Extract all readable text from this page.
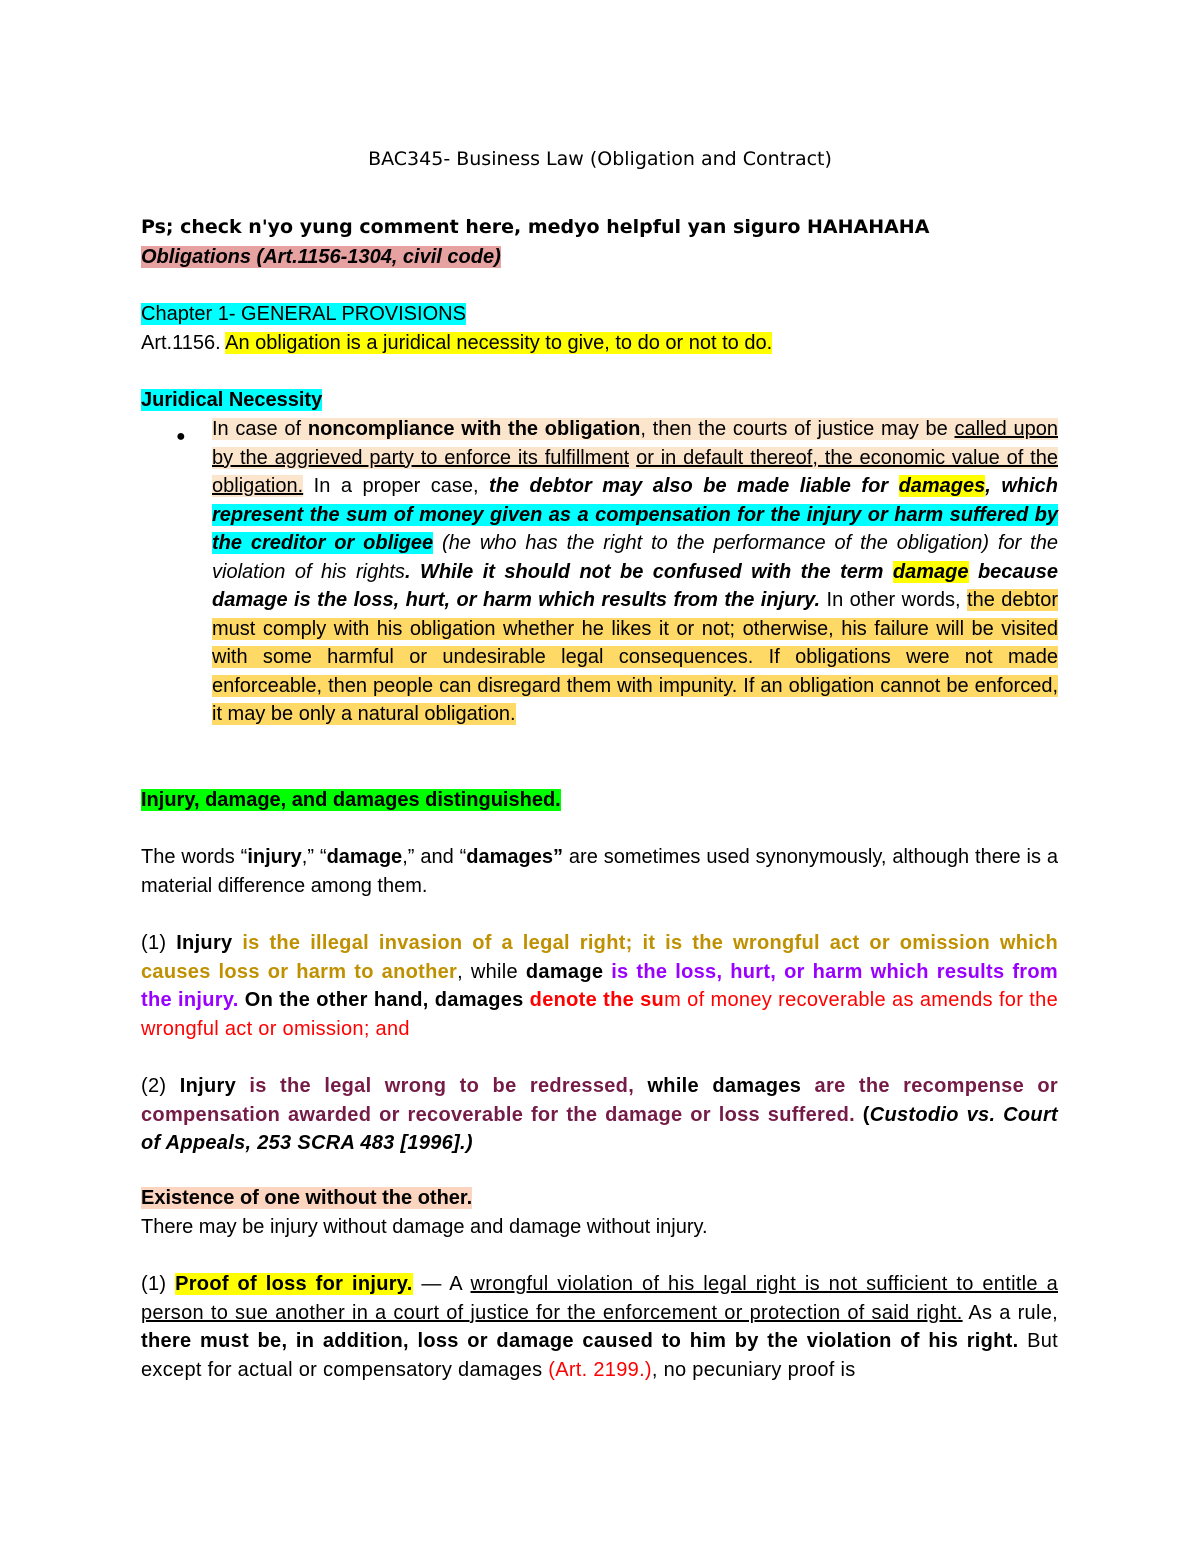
BAC345- Business Law (Obligation and Contract)
Ps; check n'yo yung comment here, medyo helpful yan siguro HAHAHAHA
Obligations (Art.1156-1304, civil code)
Chapter 1- GENERAL PROVISIONS
Art.1156. An obligation is a juridical necessity to give, to do or not to do.
Juridical Necessity
● In case of noncompliance with the obligation, then the courts of justice may be called upon by the aggrieved party to enforce its fulfillment or in default thereof, the economic value of the obligation. In a proper case, the debtor may also be made liable for damages, which represent the sum of money given as a compensation for the injury or harm suffered by the creditor or obligee (he who has the right to the performance of the obligation) for the violation of his rights. While it should not be confused with the term damage because damage is the loss, hurt, or harm which results from the injury. In other words, the debtor must comply with his obligation whether he likes it or not; otherwise, his failure will be visited with some harmful or undesirable legal consequences. If obligations were not made enforceable, then people can disregard them with impunity. If an obligation cannot be enforced, it may be only a natural obligation.
Injury, damage, and damages distinguished.
The words “injury,” “damage,” and “damages” are sometimes used synonymously, although there is a material difference among them.
(1) Injury is the illegal invasion of a legal right; it is the wrongful act or omission which causes loss or harm to another, while damage is the loss, hurt, or harm which results from the injury. On the other hand, damages denote the sum of money recoverable as amends for the wrongful act or omission; and
(2) Injury is the legal wrong to be redressed, while damages are the recompense or compensation awarded or recoverable for the damage or loss suffered. (Custodio vs. Court of Appeals, 253 SCRA 483 [1996].)
Existence of one without the other.
There may be injury without damage and damage without injury.
(1) Proof of loss for injury. — A wrongful violation of his legal right is not sufficient to entitle a person to sue another in a court of justice for the enforcement or protection of said right. As a rule, there must be, in addition, loss or damage caused to him by the violation of his right. But except for actual or compensatory damages (Art. 2199.), no pecuniary proof is
